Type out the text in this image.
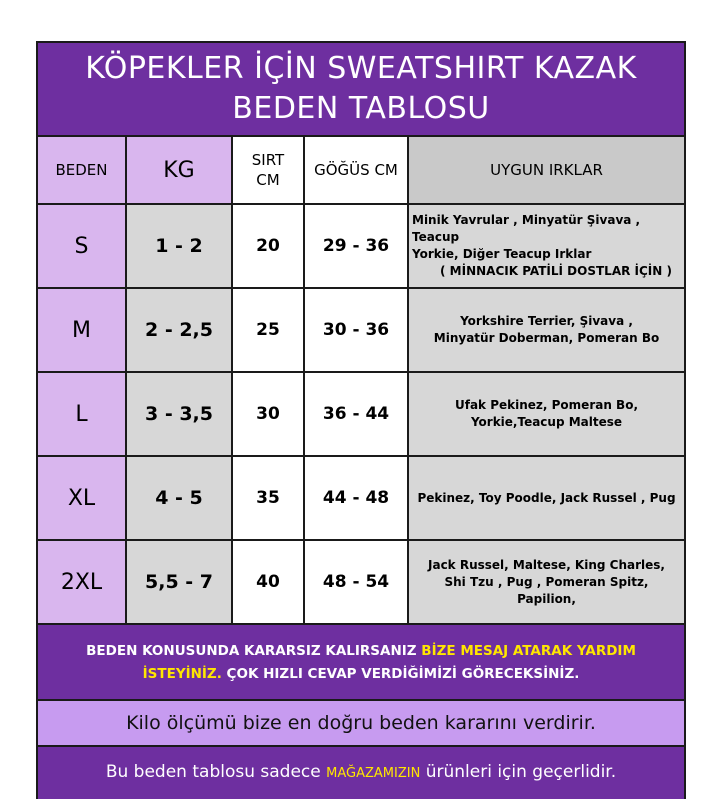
KÖPEKLER İÇİN SWEATSHIRT KAZAK
BEDEN TABLOSU
BEDEN	KG	SIRT CM	GÖĞÜS CM	UYGUN IRKLAR
S	1 - 2	20	29 - 36	Minik Yavrular , Minyatür Şivava , Teacup
Yorkie, Diğer Teacup Irklar
( MİNNACIK PATİLİ DOSTLAR İÇİN )

M	2 - 2,5	25	30 - 36	Yorkshire Terrier, Şivava , Minyatür Doberman, Pomeran Bo
L	3 - 3,5	30	36 - 44	Ufak Pekinez, Pomeran Bo, Yorkie,Teacup Maltese
XL	4 - 5	35	44 - 48	Pekinez, Toy Poodle, Jack Russel , Pug
2XL	5,5 - 7	40	48 - 54	Jack Russel, Maltese, King Charles, Shi Tzu , Pug , Pomeran Spitz, Papilion,
BEDEN KONUSUNDA KARARSIZ KALIRSANIZ BİZE MESAJ ATARAK YARDIM
İSTEYİNİZ. ÇOK HIZLI CEVAP VERDİĞİMİZİ GÖRECEKSİNİZ.
Kilo ölçümü bize en doğru beden kararını verdirir.
Bu beden tablosu sadece MAĞAZAMIZIN ürünleri için geçerlidir.
